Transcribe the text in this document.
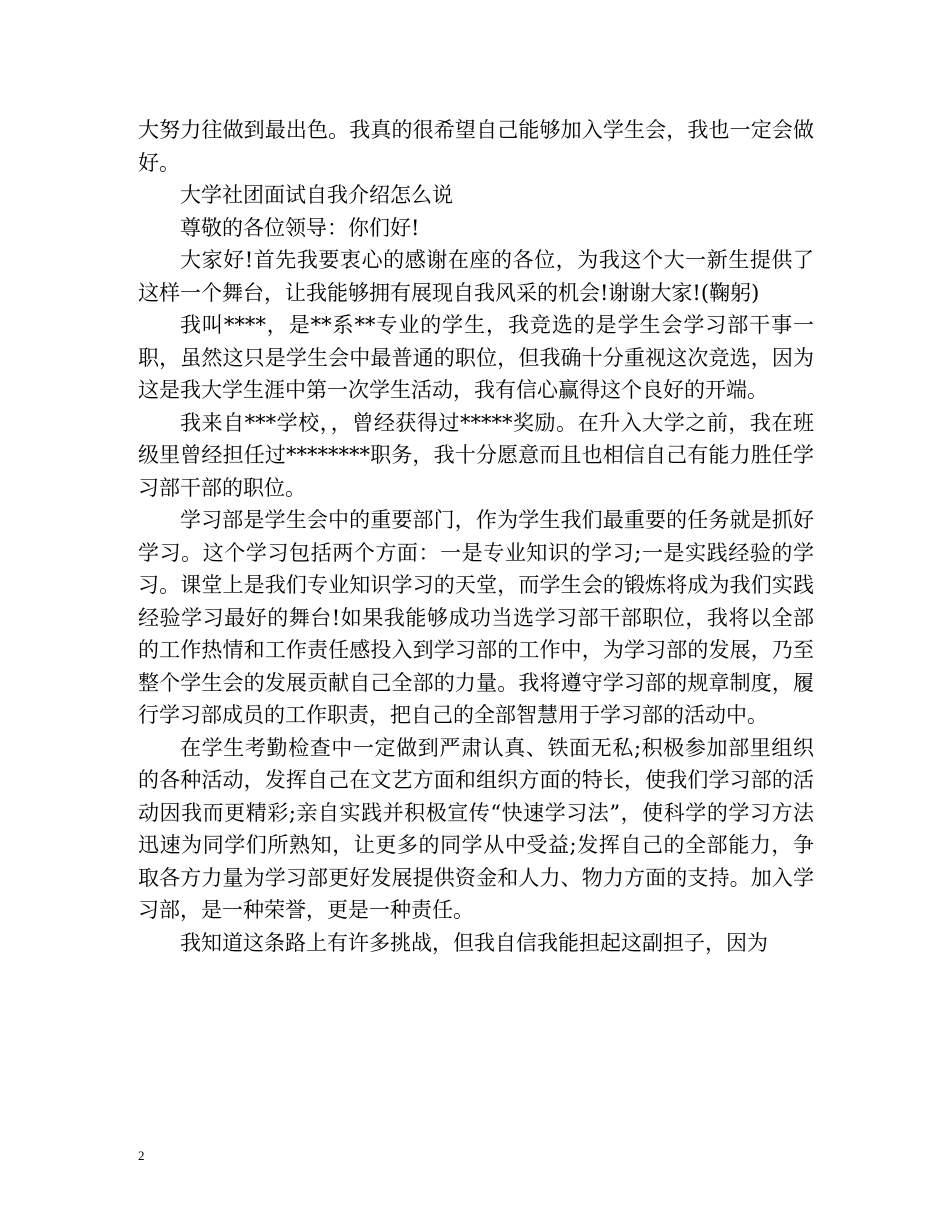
大努力往做到最出色。我真的很希望自己能够加入学生会，我也一定会做好。

大学社团面试自我介绍怎么说

尊敬的各位领导：你们好!

大家好!首先我要衷心的感谢在座的各位，为我这个大一新生提供了这样一个舞台，让我能够拥有展现自我风采的机会!谢谢大家!(鞠躬)

我叫****，是**系**专业的学生，我竞选的是学生会学习部干事一职，虽然这只是学生会中最普通的职位，但我确十分重视这次竞选，因为这是我大学生涯中第一次学生活动，我有信心赢得这个良好的开端。

我来自***学校，，曾经获得过*****奖励。在升入大学之前，我在班级里曾经担任过********职务，我十分愿意而且也相信自己有能力胜任学习部干部的职位。

学习部是学生会中的重要部门，作为学生我们最重要的任务就是抓好学习。这个学习包括两个方面：一是专业知识的学习;一是实践经验的学习。课堂上是我们专业知识学习的天堂，而学生会的锻炼将成为我们实践经验学习最好的舞台!如果我能够成功当选学习部干部职位，我将以全部的工作热情和工作责任感投入到学习部的工作中，为学习部的发展，乃至整个学生会的发展贡献自己全部的力量。我将遵守学习部的规章制度，履行学习部成员的工作职责，把自己的全部智慧用于学习部的活动中。

在学生考勤检查中一定做到严肃认真、铁面无私;积极参加部里组织的各种活动，发挥自己在文艺方面和组织方面的特长，使我们学习部的活动因我而更精彩;亲自实践并积极宣传“快速学习法”，使科学的学习方法迅速为同学们所熟知，让更多的同学从中受益;发挥自己的全部能力，争取各方力量为学习部更好发展提供资金和人力、物力方面的支持。加入学习部，是一种荣誉，更是一种责任。

我知道这条路上有许多挑战，但我自信我能担起这副担子，因为

2
